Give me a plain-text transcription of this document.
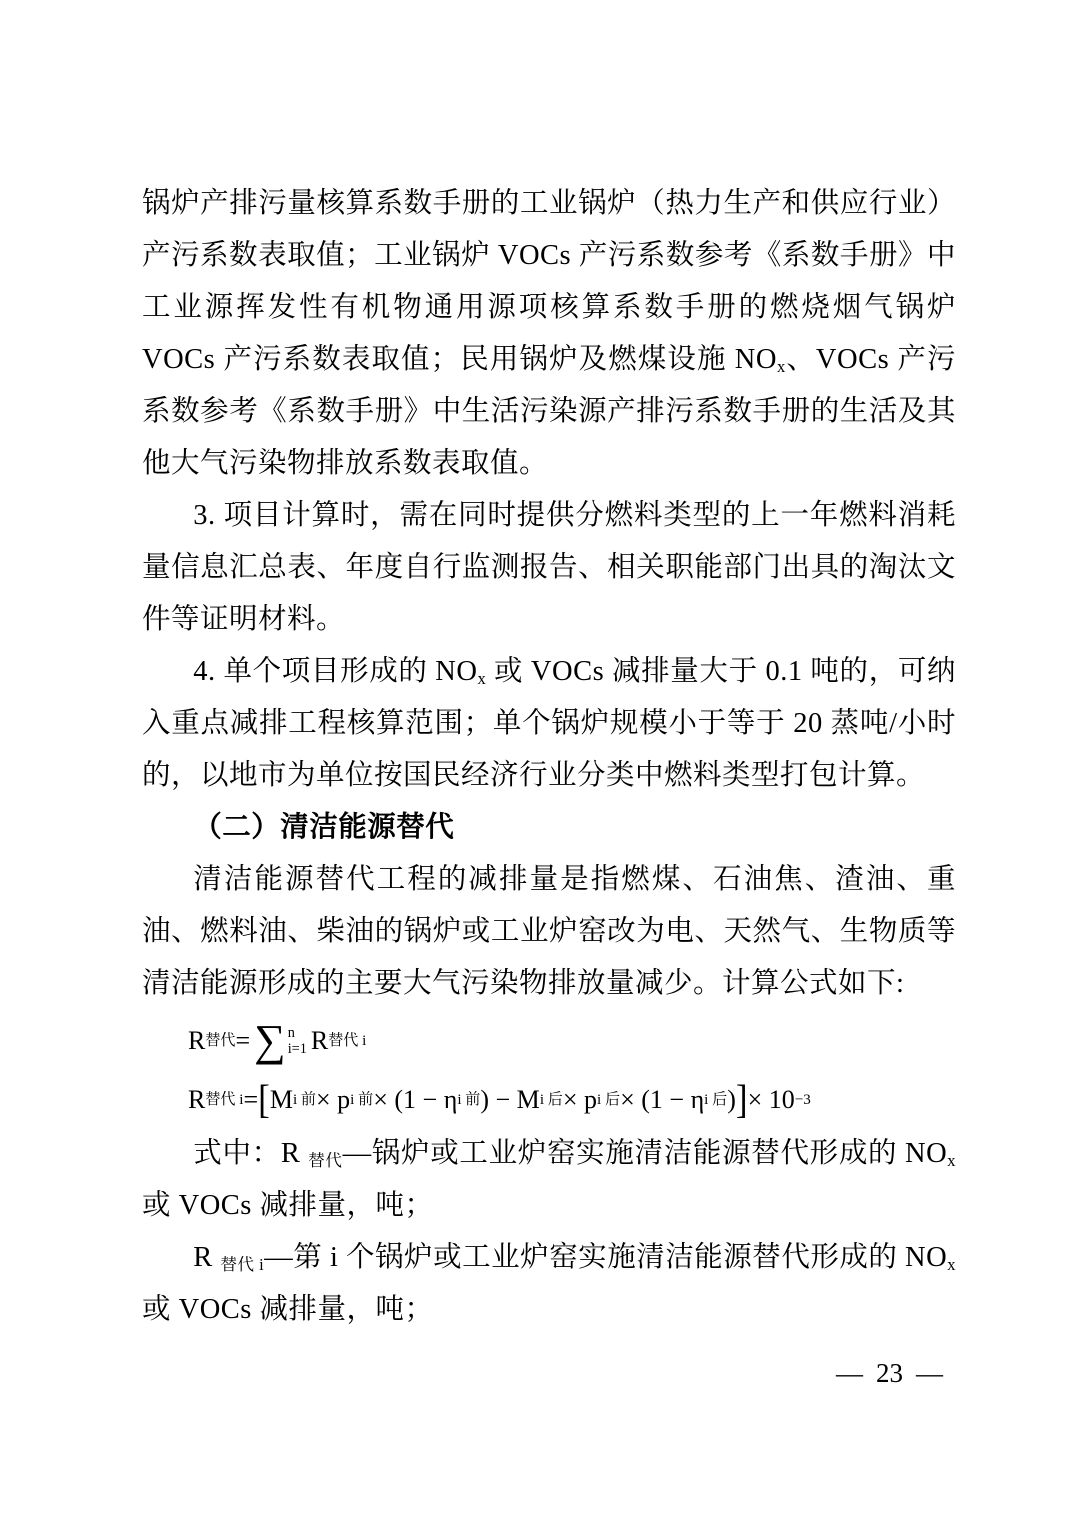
锅炉产排污量核算系数手册的工业锅炉（热力生产和供应行业）产污系数表取值；工业锅炉 VOCs 产污系数参考《系数手册》中工业源挥发性有机物通用源项核算系数手册的燃烧烟气锅炉 VOCs 产污系数表取值；民用锅炉及燃煤设施 $NO_x$、VOCs 产污系数参考《系数手册》中生活污染源产排污系数手册的生活及其他大气污染物排放系数表取值。

3. 项目计算时，需在同时提供分燃料类型的上一年燃料消耗量信息汇总表、年度自行监测报告、相关职能部门出具的淘汰文件等证明材料。

4. 单个项目形成的 $NO_x$ 或 VOCs 减排量大于 0.1 吨的，可纳入重点减排工程核算范围；单个锅炉规模小于等于 20 蒸吨/小时的，以地市为单位按国民经济行业分类中燃料类型打包计算。

（二）清洁能源替代

清洁能源替代工程的减排量是指燃煤、石油焦、渣油、重油、燃料油、柴油的锅炉或工业炉窑改为电、天然气、生物质等清洁能源形成的主要大气污染物排放量减少。计算公式如下:

R 替代 = ∑ n
i=1 R 替代 i
R 替代 i = [ M i 前 × p i 前 × (1 − η i 前 ) − M i 后 × p i 后 × (1 − η i 后 ) ] × 10 −3

式中：R $_{替代}$—锅炉或工业炉窑实施清洁能源替代形成的 $NO_x$ 或 VOCs 减排量，吨；

R $_{替代 i}$—第 i 个锅炉或工业炉窑实施清洁能源替代形成的 $NO_x$ 或 VOCs 减排量，吨；

— 23 —
